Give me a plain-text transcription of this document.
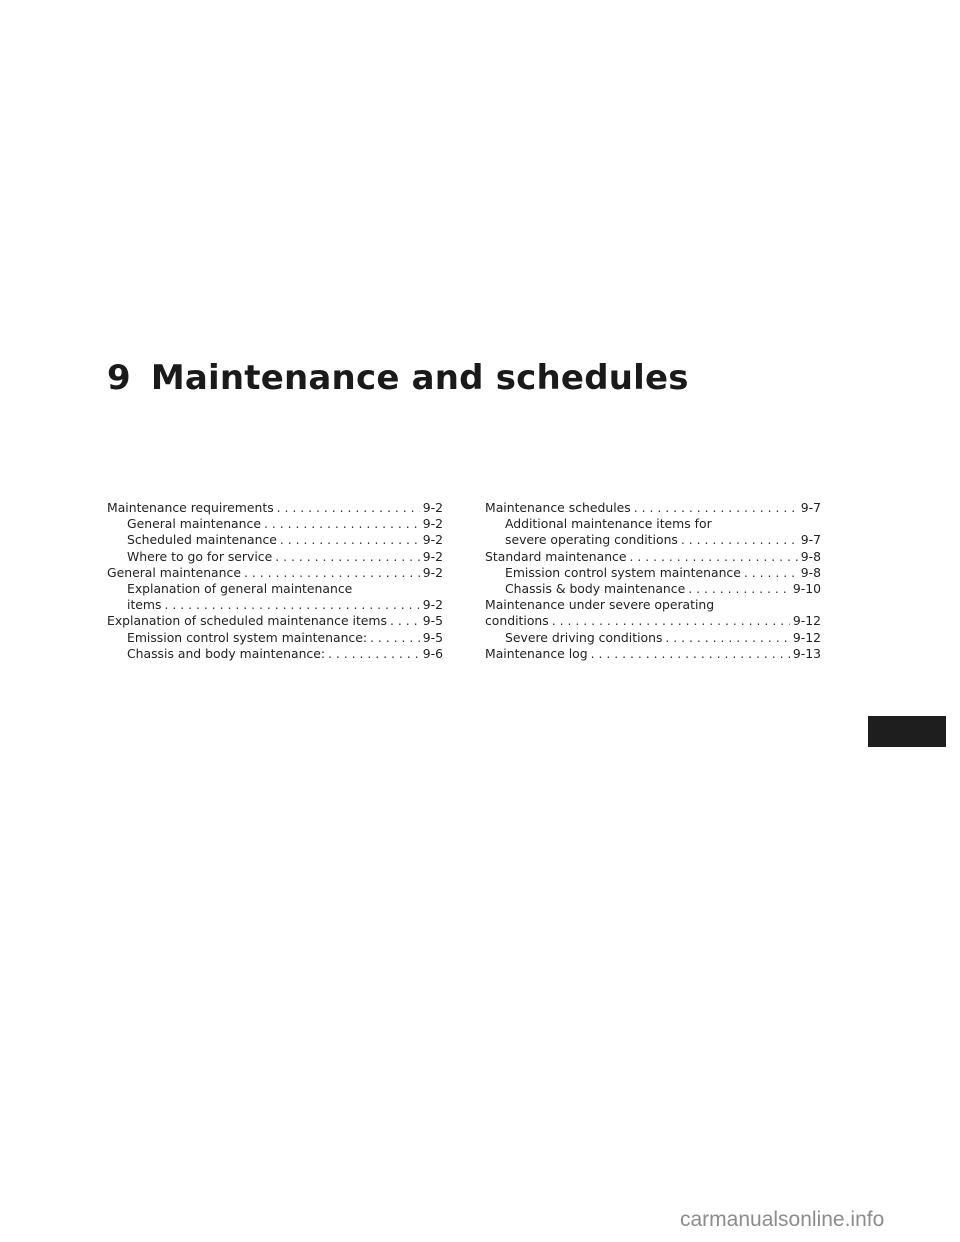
9 Maintenance and schedules
Maintenance requirements . . .	9-2
General maintenance . . .	9-2
Scheduled maintenance . . .	9-2
Where to go for service . . .	9-2
General maintenance . . .	9-2
Explanation of general maintenance
items . . .	9-2
Explanation of scheduled maintenance items . . .	9-5
Emission control system maintenance: . . .	9-5
Chassis and body maintenance: . . .	9-6
Maintenance schedules . . .	9-7
Additional maintenance items for
severe operating conditions . . .	9-7
Standard maintenance . . .	9-8
Emission control system maintenance . . .	9-8
Chassis & body maintenance . . .	9-10
Maintenance under severe operating
conditions . . .	9-12
Severe driving conditions . . .	9-12
Maintenance log . . .	9-13
carmanualsonline.info
